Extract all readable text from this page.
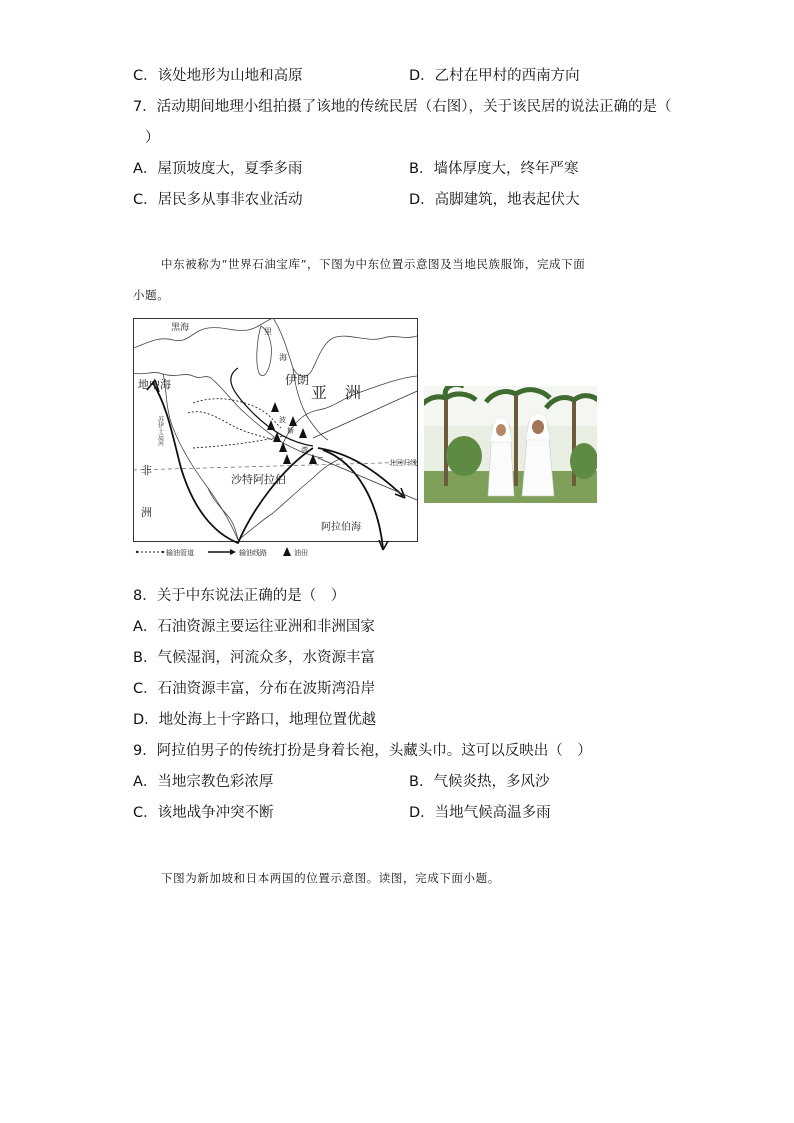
C．该处地形为山地和高原	D．乙村在甲村的西南方向
7．活动期间地理小组拍摄了该地的传统民居（右图），关于该民居的说法正确的是（
）
A．屋顶坡度大，夏季多雨	B．墙体厚度大，终年严寒
C．居民多从事非农业活动	D．高脚建筑，地表起伏大
中东被称为“世界石油宝库”，下图为中东位置示意图及当地民族服饰，完成下面
小题。
黑海	里
海
伊朗
亚 洲
地中海
苏伊士运河
非
洲
沙特阿拉伯
阿拉伯海
北回归线
波
斯
湾
输油管道	输油线路	油田
8．关于中东说法正确的是（　）
A．石油资源主要运往亚洲和非洲国家
B．气候湿润，河流众多，水资源丰富
C．石油资源丰富，分布在波斯湾沿岸
D．地处海上十字路口，地理位置优越
9．阿拉伯男子的传统打扮是身着长袍，头藏头巾。这可以反映出（　）
A．当地宗教色彩浓厚	B．气候炎热，多风沙
C．该地战争冲突不断	D．当地气候高温多雨
下图为新加坡和日本两国的位置示意图。读图，完成下面小题。
